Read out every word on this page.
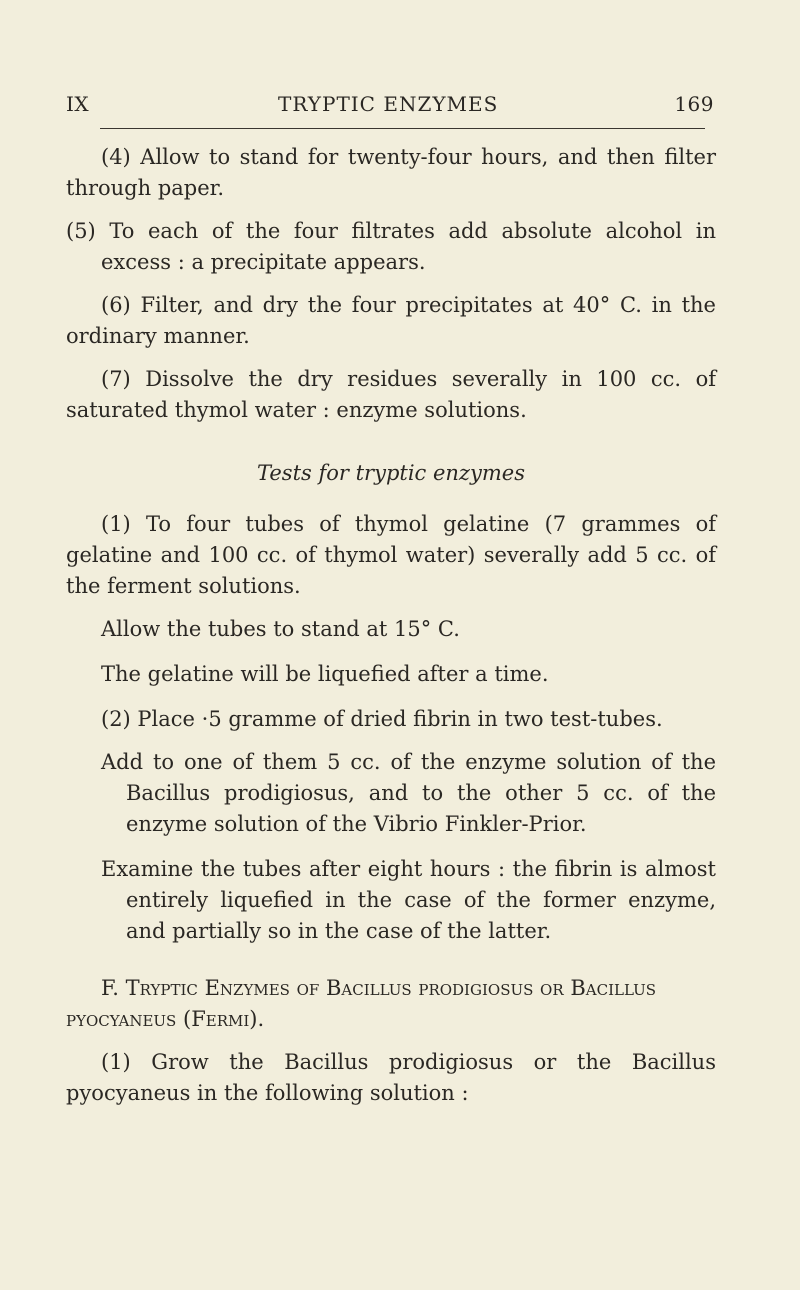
IX	TRYPTIC ENZYMES	169

(4) Allow to stand for twenty-four hours, and then filter through paper.

(5) To each of the four filtrates add absolute alcohol in excess : a precipitate appears.

(6) Filter, and dry the four precipitates at 40° C. in the ordinary manner.

(7) Dissolve the dry residues severally in 100 cc. of saturated thymol water : enzyme solutions.

Tests for tryptic enzymes

(1) To four tubes of thymol gelatine (7 grammes of gelatine and 100 cc. of thymol water) severally add 5 cc. of the ferment solutions.

Allow the tubes to stand at 15° C.

The gelatine will be liquefied after a time.

(2) Place ·5 gramme of dried fibrin in two test-tubes.

Add to one of them 5 cc. of the enzyme solution of the Bacillus prodigiosus, and to the other 5 cc. of the enzyme solution of the Vibrio Finkler-Prior.

Examine the tubes after eight hours : the fibrin is almost entirely liquefied in the case of the former enzyme, and partially so in the case of the latter.

F. Tryptic Enzymes of Bacillus prodigiosus or Bacillus pyocyaneus (Fermi).

(1) Grow the Bacillus prodigiosus or the Bacillus pyocyaneus in the following solution :
